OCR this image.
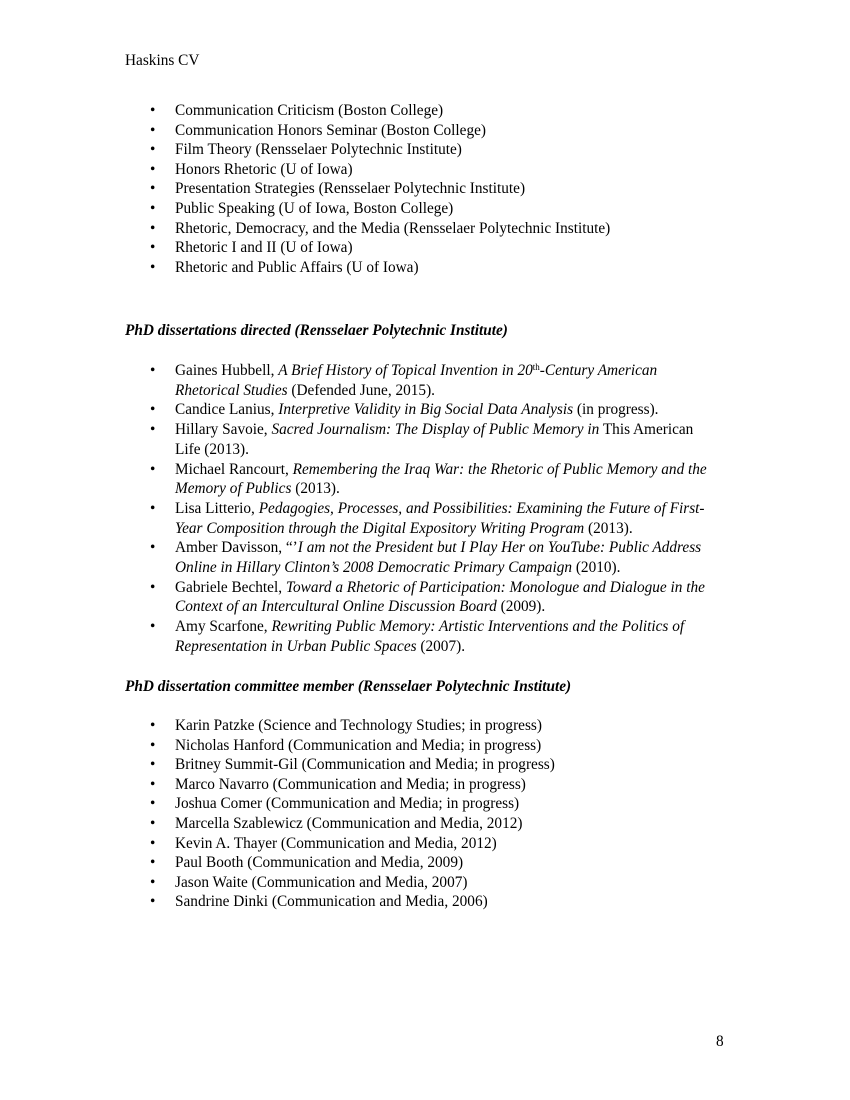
Haskins CV
• Communication Criticism (Boston College)
• Communication Honors Seminar (Boston College)
• Film Theory (Rensselaer Polytechnic Institute)
• Honors Rhetoric (U of Iowa)
• Presentation Strategies (Rensselaer Polytechnic Institute)
• Public Speaking (U of Iowa, Boston College)
• Rhetoric, Democracy, and the Media (Rensselaer Polytechnic Institute)
• Rhetoric I and II (U of Iowa)
• Rhetoric and Public Affairs (U of Iowa)
PhD dissertations directed (Rensselaer Polytechnic Institute)
• Gaines Hubbell, A Brief History of Topical Invention in 20th-Century American Rhetorical Studies (Defended June, 2015).
• Candice Lanius, Interpretive Validity in Big Social Data Analysis (in progress).
• Hillary Savoie, Sacred Journalism: The Display of Public Memory in This American Life (2013).
• Michael Rancourt, Remembering the Iraq War: the Rhetoric of Public Memory and the Memory of Publics (2013).
• Lisa Litterio, Pedagogies, Processes, and Possibilities: Examining the Future of First-Year Composition through the Digital Expository Writing Program (2013).
• Amber Davisson, “’I am not the President but I Play Her on YouTube: Public Address Online in Hillary Clinton’s 2008 Democratic Primary Campaign (2010).
• Gabriele Bechtel, Toward a Rhetoric of Participation: Monologue and Dialogue in the Context of an Intercultural Online Discussion Board (2009).
• Amy Scarfone, Rewriting Public Memory: Artistic Interventions and the Politics of Representation in Urban Public Spaces (2007).
PhD dissertation committee member (Rensselaer Polytechnic Institute)
• Karin Patzke (Science and Technology Studies; in progress)
• Nicholas Hanford (Communication and Media; in progress)
• Britney Summit-Gil (Communication and Media; in progress)
• Marco Navarro (Communication and Media; in progress)
• Joshua Comer (Communication and Media; in progress)
• Marcella Szablewicz (Communication and Media, 2012)
• Kevin A. Thayer (Communication and Media, 2012)
• Paul Booth (Communication and Media, 2009)
• Jason Waite (Communication and Media, 2007)
• Sandrine Dinki (Communication and Media, 2006)
8
